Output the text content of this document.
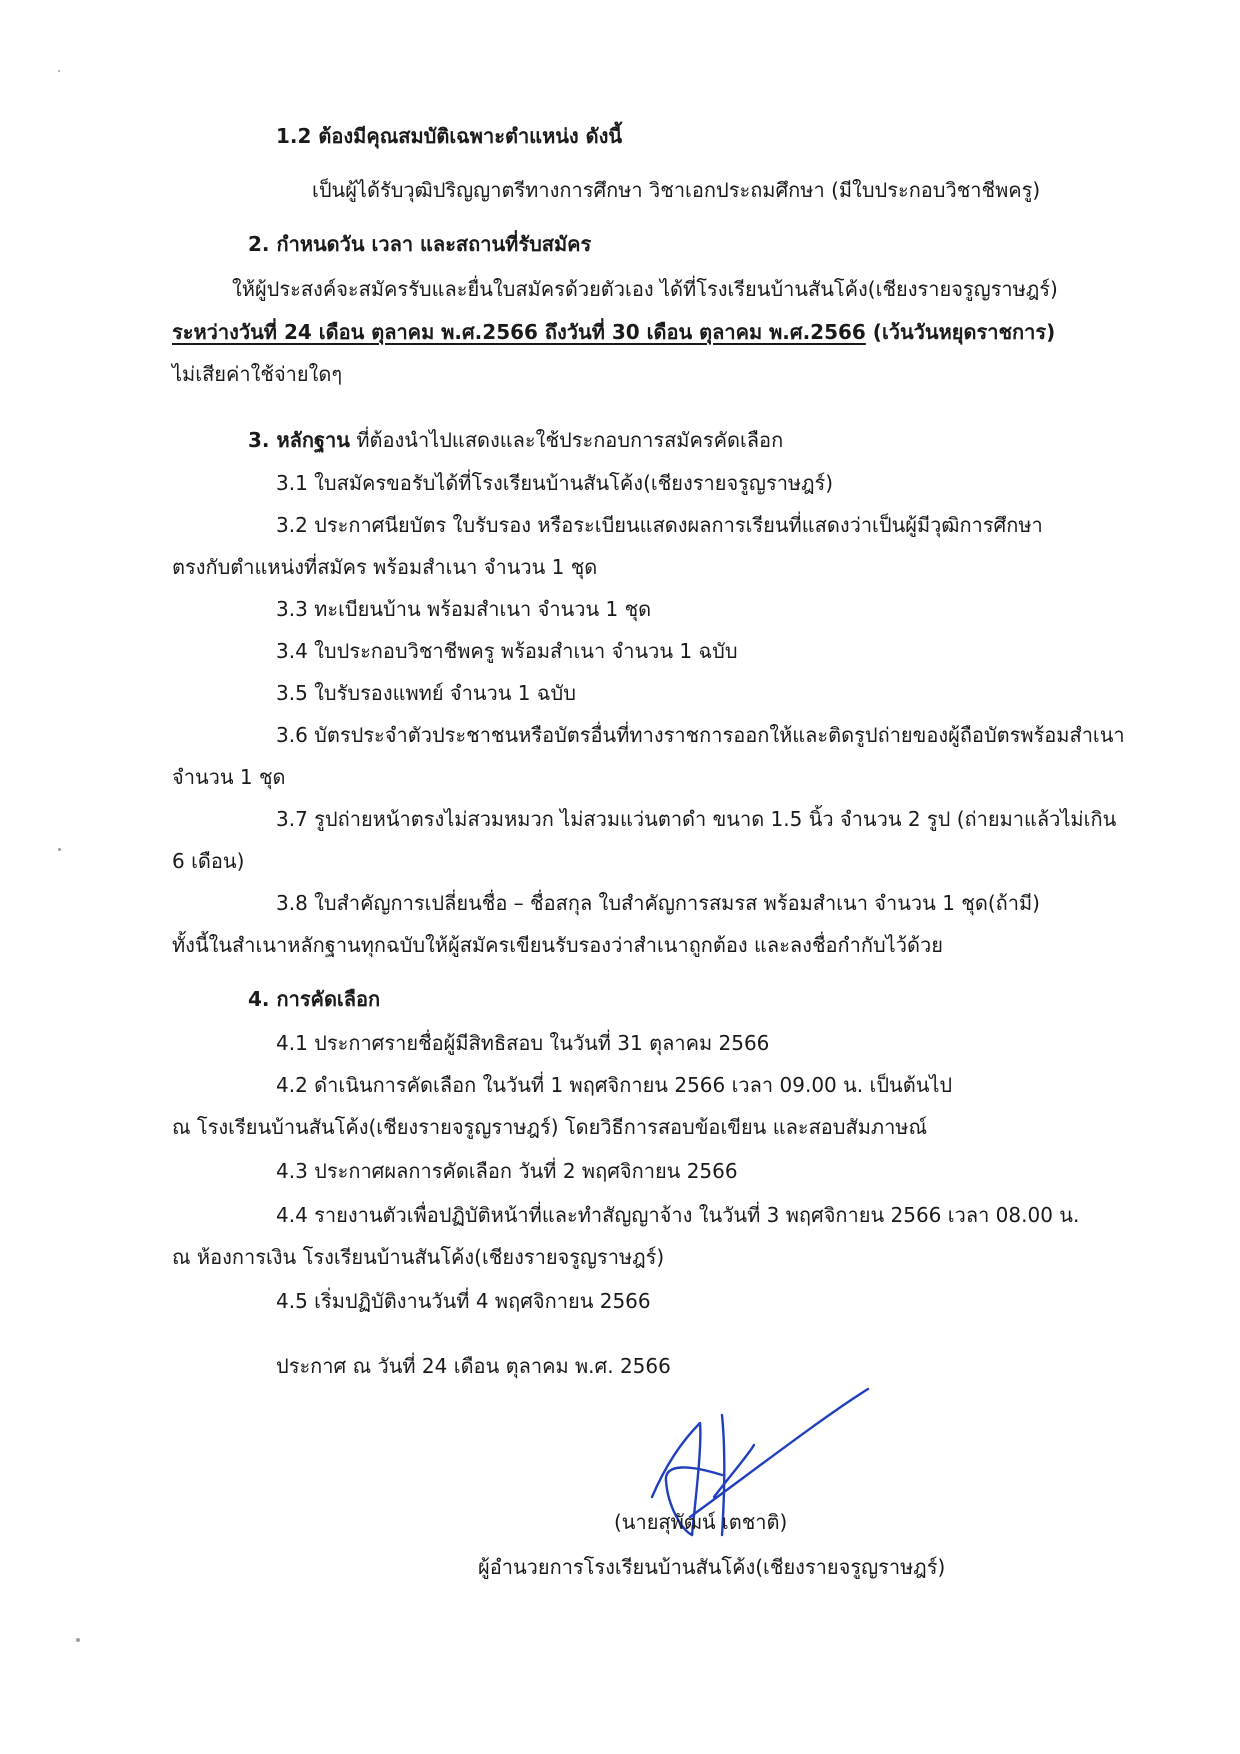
1.2 ต้องมีคุณสมบัติเฉพาะตำแหน่ง ดังนี้
เป็นผู้ได้รับวุฒิปริญญาตรีทางการศึกษา วิชาเอกประถมศึกษา (มีใบประกอบวิชาชีพครู)
2. กำหนดวัน เวลา และสถานที่รับสมัคร
ให้ผู้ประสงค์จะสมัครรับและยื่นใบสมัครด้วยตัวเอง ได้ที่โรงเรียนบ้านสันโค้ง(เชียงรายจรูญราษฎร์)
ระหว่างวันที่ 24 เดือน ตุลาคม พ.ศ.2566 ถึงวันที่ 30 เดือน ตุลาคม พ.ศ.2566 (เว้นวันหยุดราชการ)
ไม่เสียค่าใช้จ่ายใดๆ
3. หลักฐาน ที่ต้องนำไปแสดงและใช้ประกอบการสมัครคัดเลือก
3.1 ใบสมัครขอรับได้ที่โรงเรียนบ้านสันโค้ง(เชียงรายจรูญราษฎร์)
3.2 ประกาศนียบัตร ใบรับรอง หรือระเบียนแสดงผลการเรียนที่แสดงว่าเป็นผู้มีวุฒิการศึกษา
ตรงกับตำแหน่งที่สมัคร พร้อมสำเนา จำนวน 1 ชุด
3.3 ทะเบียนบ้าน พร้อมสำเนา จำนวน 1 ชุด
3.4 ใบประกอบวิชาชีพครู พร้อมสำเนา จำนวน 1 ฉบับ
3.5 ใบรับรองแพทย์ จำนวน 1 ฉบับ
3.6 บัตรประจำตัวประชาชนหรือบัตรอื่นที่ทางราชการออกให้และติดรูปถ่ายของผู้ถือบัตรพร้อมสำเนา
จำนวน 1 ชุด
3.7 รูปถ่ายหน้าตรงไม่สวมหมวก ไม่สวมแว่นตาดำ ขนาด 1.5 นิ้ว จำนวน 2 รูป (ถ่ายมาแล้วไม่เกิน
6 เดือน)
3.8 ใบสำคัญการเปลี่ยนชื่อ – ชื่อสกุล ใบสำคัญการสมรส พร้อมสำเนา จำนวน 1 ชุด(ถ้ามี)
ทั้งนี้ในสำเนาหลักฐานทุกฉบับให้ผู้สมัครเขียนรับรองว่าสำเนาถูกต้อง และลงชื่อกำกับไว้ด้วย
4. การคัดเลือก
4.1 ประกาศรายชื่อผู้มีสิทธิสอบ ในวันที่ 31 ตุลาคม 2566
4.2 ดำเนินการคัดเลือก ในวันที่ 1 พฤศจิกายน 2566 เวลา 09.00 น. เป็นต้นไป
ณ โรงเรียนบ้านสันโค้ง(เชียงรายจรูญราษฎร์) โดยวิธีการสอบข้อเขียน และสอบสัมภาษณ์
4.3 ประกาศผลการคัดเลือก วันที่ 2 พฤศจิกายน 2566
4.4 รายงานตัวเพื่อปฏิบัติหน้าที่และทำสัญญาจ้าง ในวันที่ 3 พฤศจิกายน 2566 เวลา 08.00 น.
ณ ห้องการเงิน โรงเรียนบ้านสันโค้ง(เชียงรายจรูญราษฎร์)
4.5 เริ่มปฏิบัติงานวันที่ 4 พฤศจิกายน 2566
ประกาศ ณ วันที่ 24 เดือน ตุลาคม พ.ศ. 2566
(นายสุพัฒน์ เตชาติ)
ผู้อำนวยการโรงเรียนบ้านสันโค้ง(เชียงรายจรูญราษฎร์)
